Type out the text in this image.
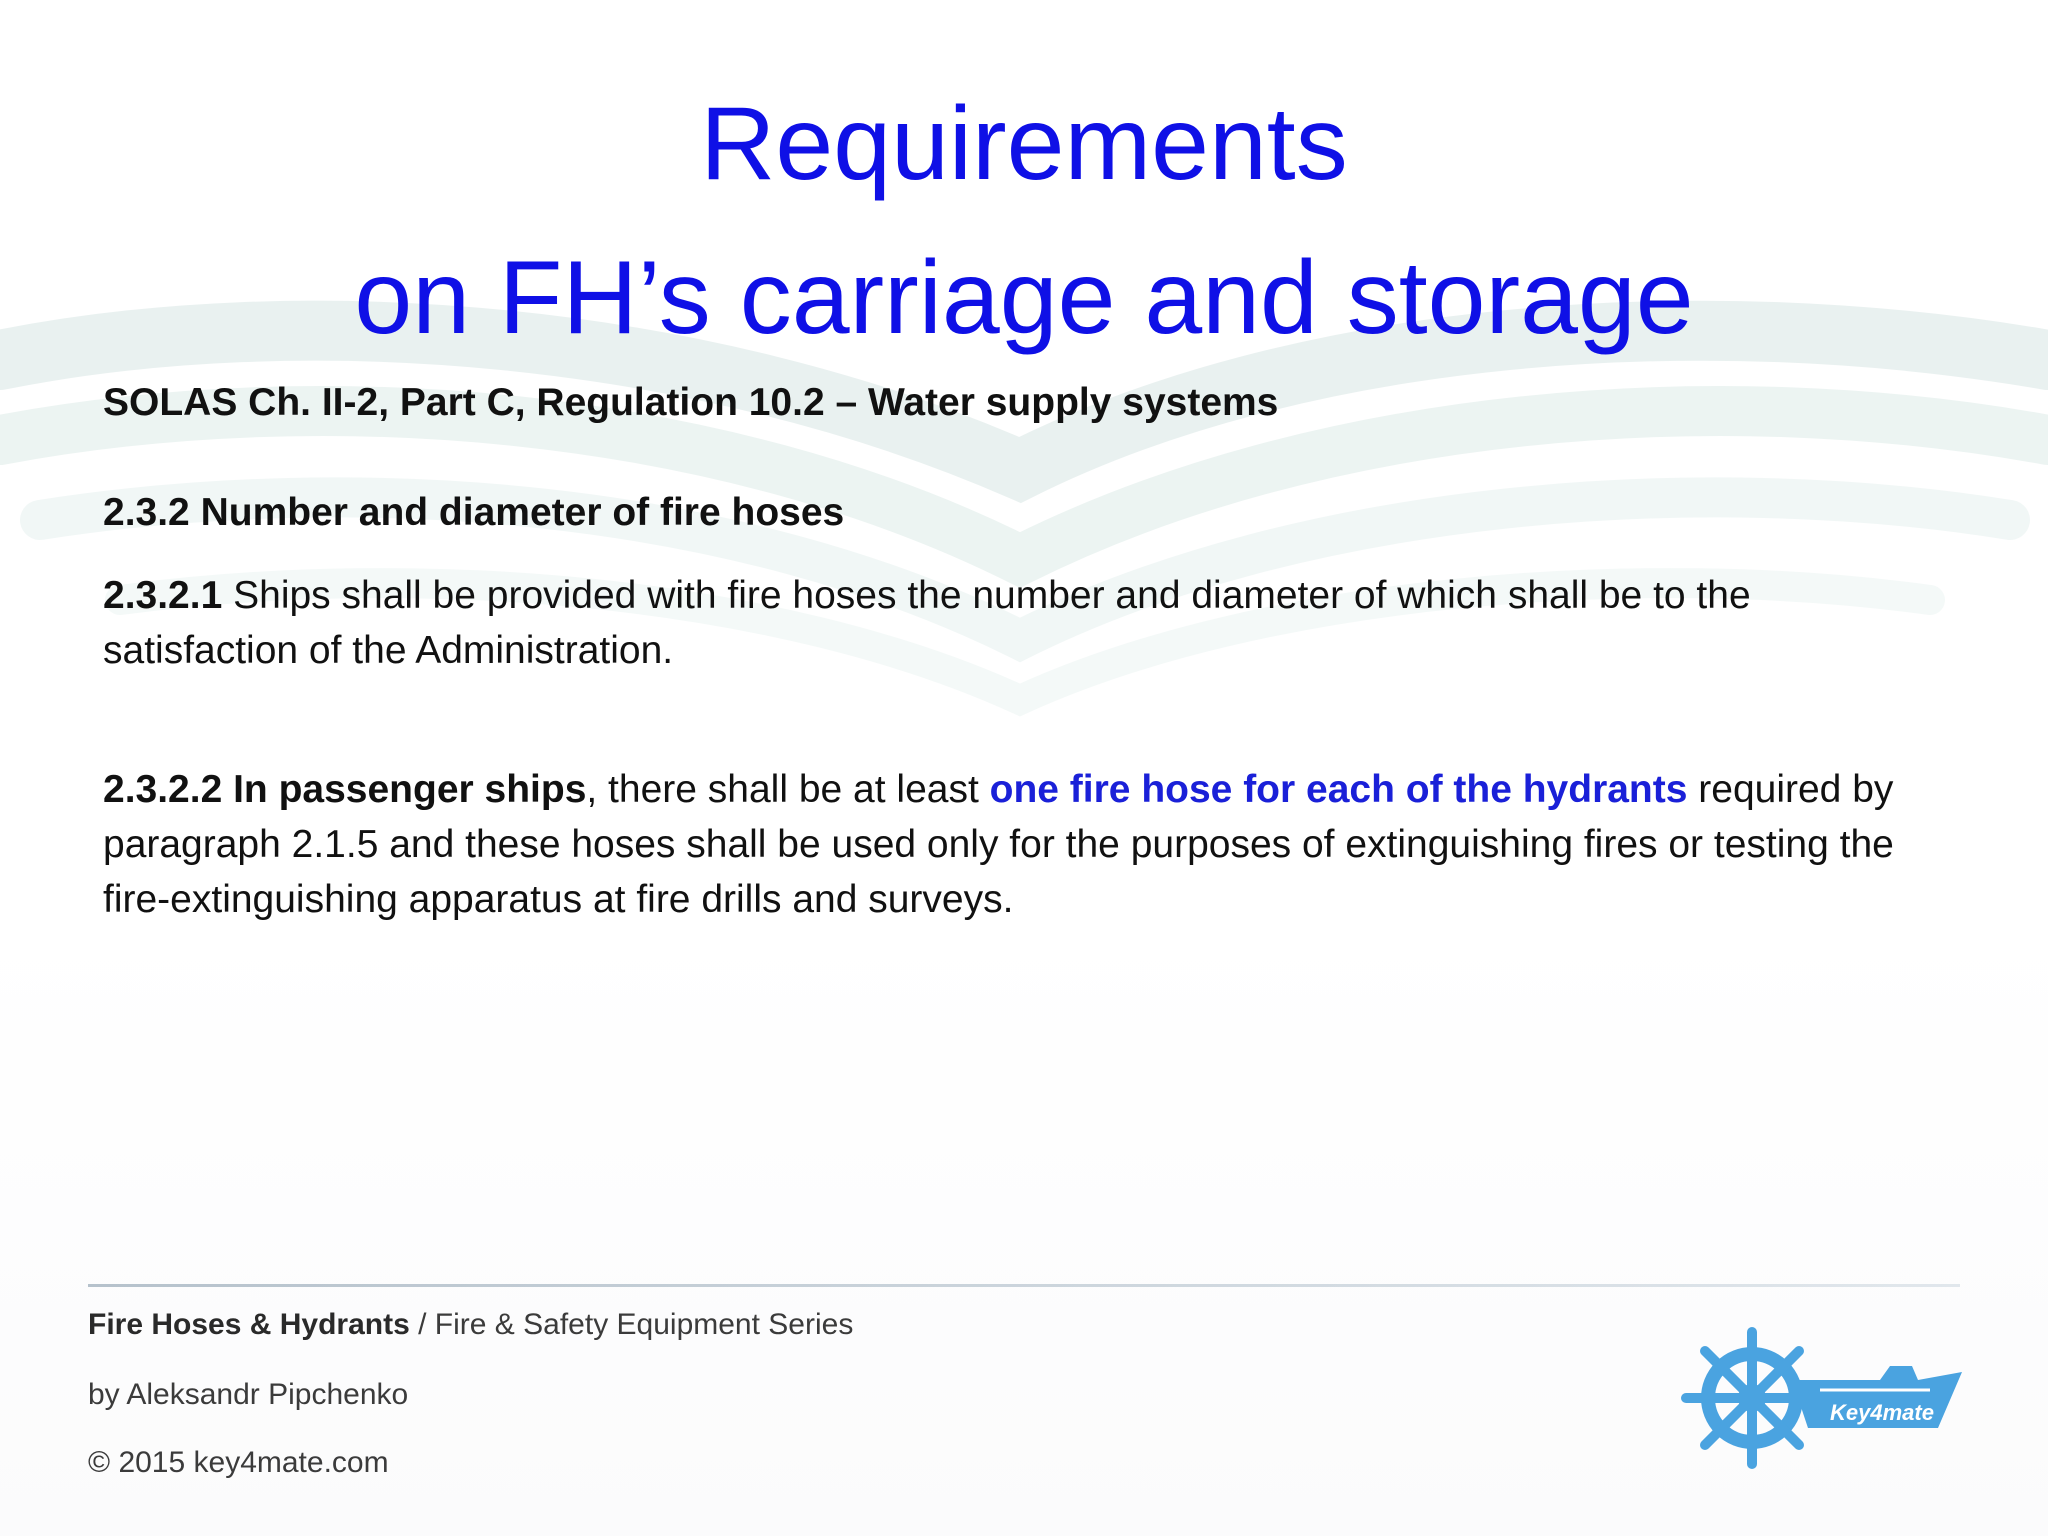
Requirements
on FH’s carriage and storage

SOLAS Ch. II-2, Part C, Regulation 10.2 – Water supply systems

2.3.2 Number and diameter of fire hoses

2.3.2.1 Ships shall be provided with fire hoses the number and diameter of which shall be to the satisfaction of the Administration.

2.3.2.2 In passenger ships, there shall be at least one fire hose for each of the hydrants required by paragraph 2.1.5 and these hoses shall be used only for the purposes of extinguishing fires or testing the fire-extinguishing apparatus at fire drills and surveys.

Fire Hoses & Hydrants / Fire & Safety Equipment Series
by Aleksandr Pipchenko
© 2015 key4mate.com
Key4mate
